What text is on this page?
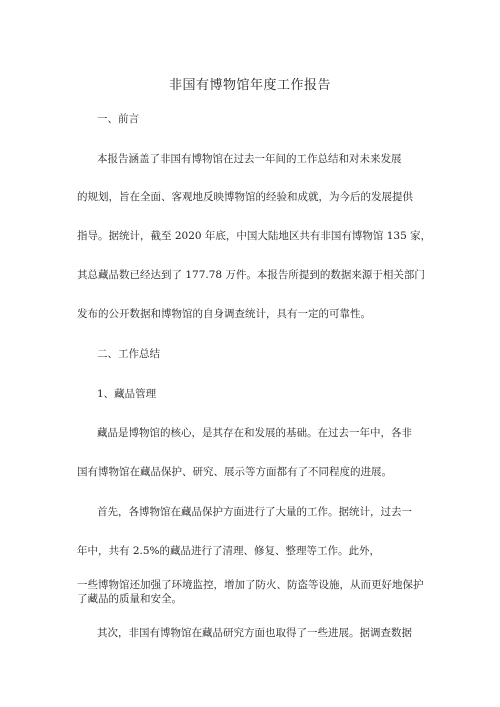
非国有博物馆年度工作报告
一、前言
本报告涵盖了非国有博物馆在过去一年间的工作总结和对未来发展
的规划，旨在全面、客观地反映博物馆的经验和成就，为今后的发展提供
指导。据统计，截至 2020 年底，中国大陆地区共有非国有博物馆 135 家，
其总藏品数已经达到了 177.78 万件。本报告所提到的数据来源于相关部门
发布的公开数据和博物馆的自身调查统计，具有一定的可靠性。
二、工作总结
1、藏品管理
藏品是博物馆的核心，是其存在和发展的基础。在过去一年中，各非
国有博物馆在藏品保护、研究、展示等方面都有了不同程度的进展。
首先，各博物馆在藏品保护方面进行了大量的工作。据统计，过去一
年中，共有 2.5%的藏品进行了清理、修复、整理等工作。此外，
一些博物馆还加强了环境监控，增加了防火、防盗等设施，从而更好地保护了藏品的质量和安全。
其次，非国有博物馆在藏品研究方面也取得了一些进展。据调查数据
